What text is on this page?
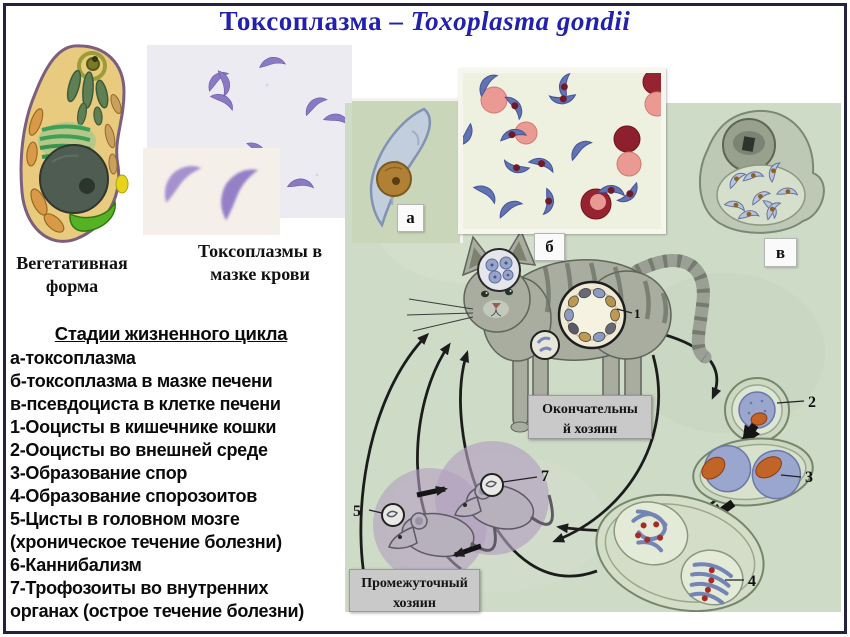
Токсоплазма – Toxoplasma gondii
Вегетативная форма
Токсоплазмы в мазке крови
Стадии жизненного цикла
а-токсоплазма
б-токсоплазма в мазке печени
в-псевдоциста в клетке печени
1-Ооцисты в кишечнике кошки
2-Ооцисты во внешней среде
3-Образование спор
4-Образование спорозоитов
5-Цисты в головном мозге (хроническое течение болезни)
6-Каннибализм
7-Трофозоиты во внутренних органах (острое течение болезни)
1
5
7
2
3
4
а
б	в
Окончательны
й хозяин
Промежуточный
хозяин
